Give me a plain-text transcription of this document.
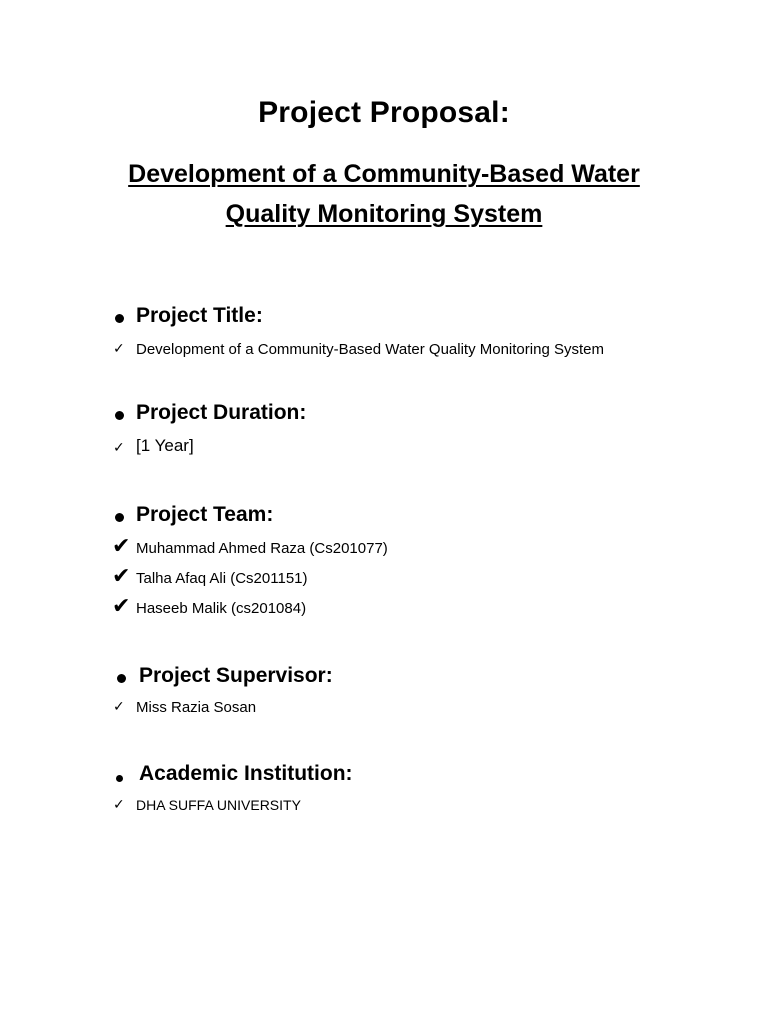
Project Proposal:
Development of a Community-Based Water
Quality Monitoring System
Project Title:
✓ Development of a Community-Based Water Quality Monitoring System
Project Duration:
✓ [1 Year]
Project Team:
✔ Muhammad Ahmed Raza (Cs201077)
✔ Talha Afaq Ali (Cs201151)
✔ Haseeb Malik (cs201084)
Project Supervisor:
✓ Miss Razia Sosan
Academic Institution:
✓ DHA SUFFA UNIVERSITY
